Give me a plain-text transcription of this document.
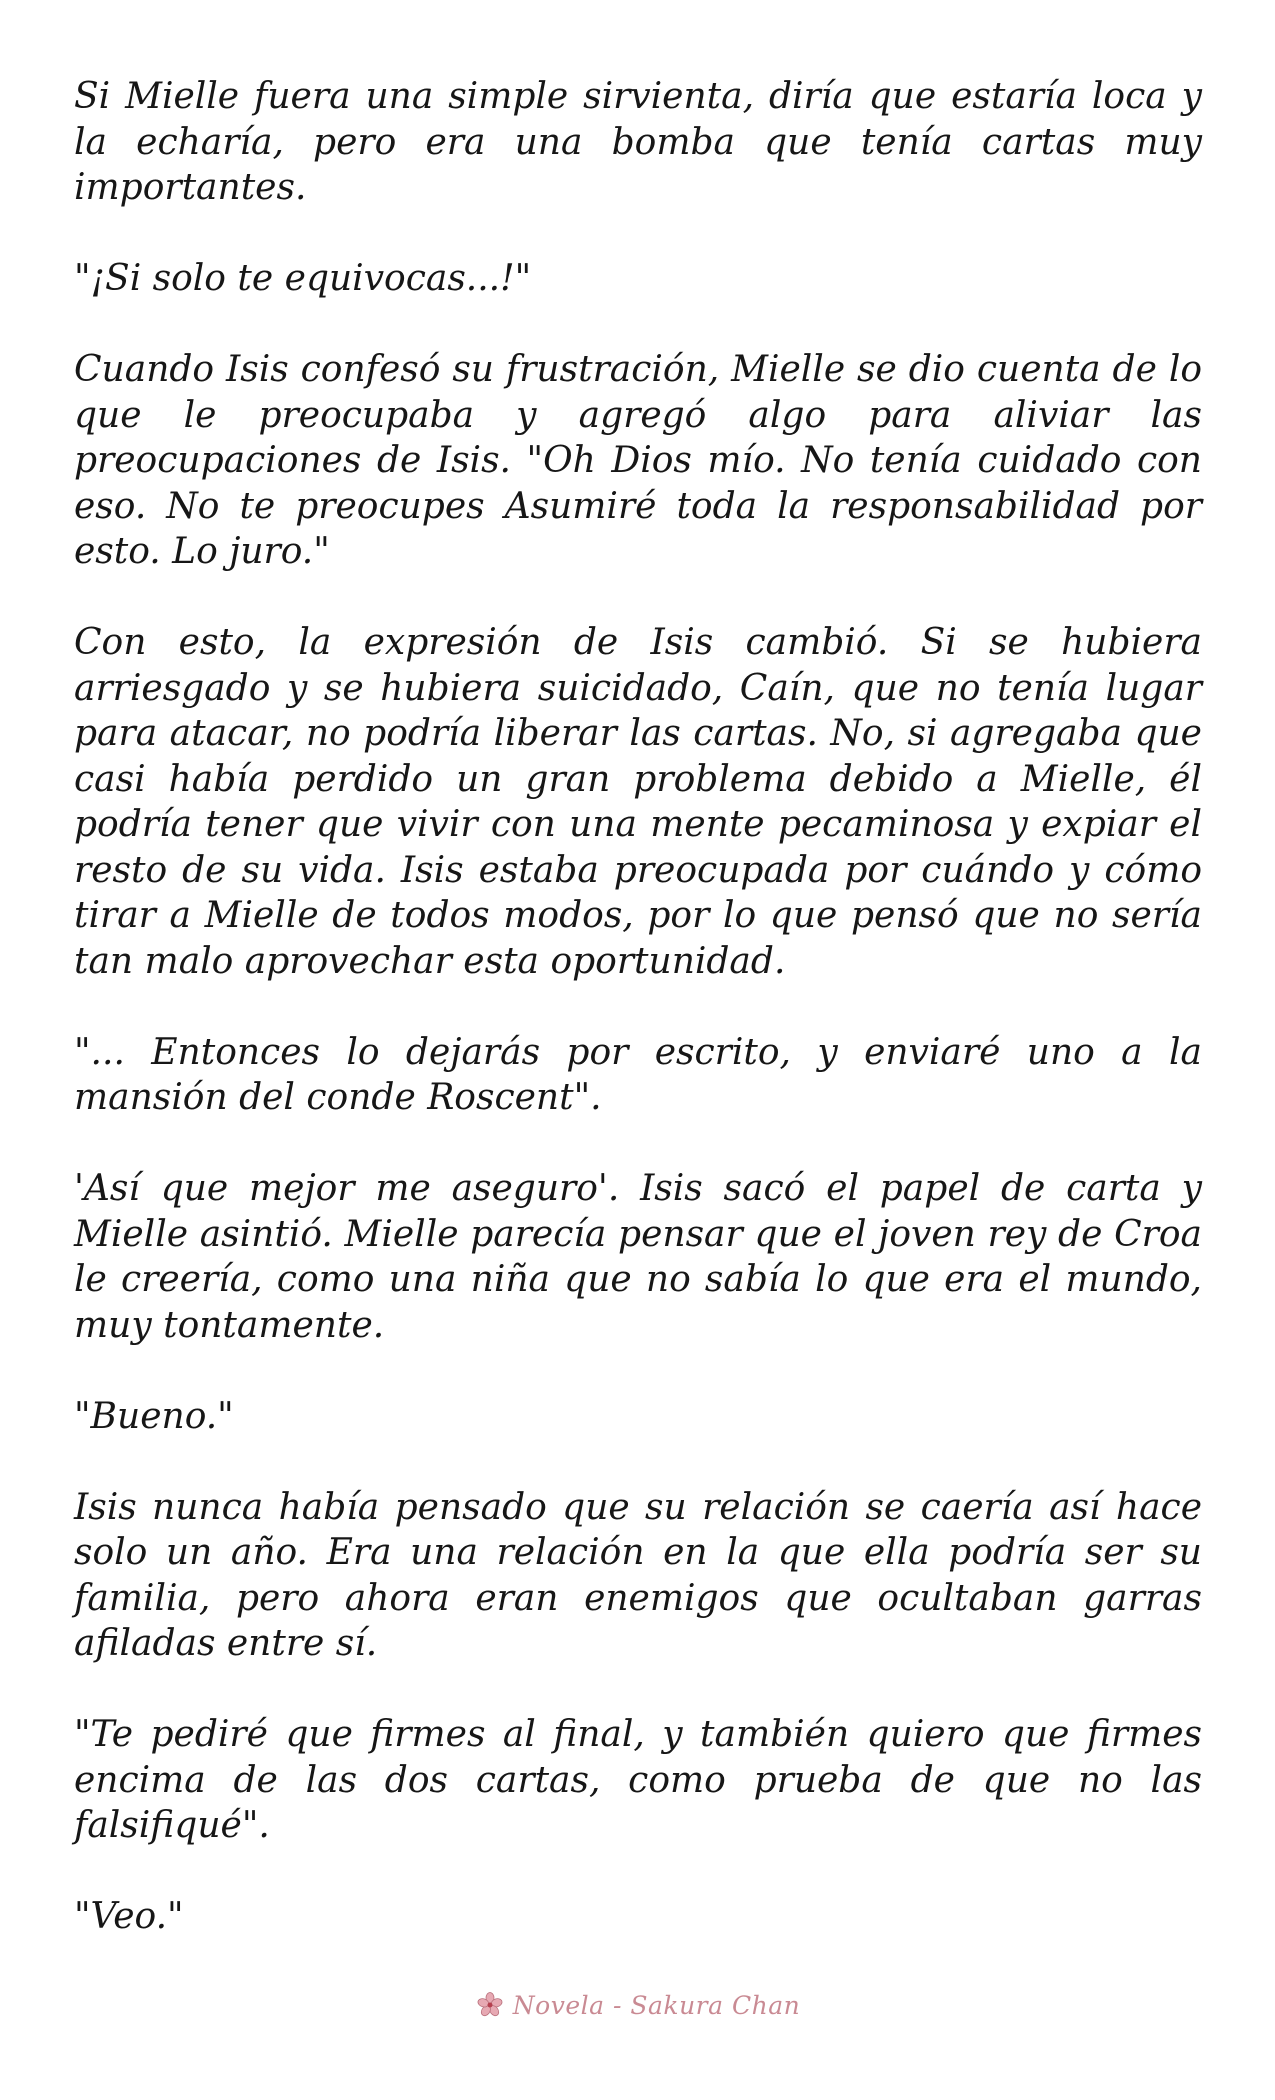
Si Mielle fuera una simple sirvienta, diría que estaría loca y la echaría, pero era una bomba que tenía cartas muy importantes.

"¡Si solo te equivocas...!"

Cuando Isis confesó su frustración, Mielle se dio cuenta de lo que le preocupaba y agregó algo para aliviar las preocupaciones de Isis. "Oh Dios mío. No tenía cuidado con eso. No te preocupes Asumiré toda la responsabilidad por esto. Lo juro."

Con esto, la expresión de Isis cambió. Si se hubiera arriesgado y se hubiera suicidado, Caín, que no tenía lugar para atacar, no podría liberar las cartas. No, si agregaba que casi había perdido un gran problema debido a Mielle, él podría tener que vivir con una mente pecaminosa y expiar el resto de su vida. Isis estaba preocupada por cuándo y cómo tirar a Mielle de todos modos, por lo que pensó que no sería tan malo aprovechar esta oportunidad.

"... Entonces lo dejarás por escrito, y enviaré uno a la mansión del conde Roscent".

'Así que mejor me aseguro'. Isis sacó el papel de carta y Mielle asintió. Mielle parecía pensar que el joven rey de Croa le creería, como una niña que no sabía lo que era el mundo, muy tontamente.

"Bueno."

Isis nunca había pensado que su relación se caería así hace solo un año. Era una relación en la que ella podría ser su familia, pero ahora eran enemigos que ocultaban garras afiladas entre sí.

"Te pediré que firmes al final, y también quiero que firmes encima de las dos cartas, como prueba de que no las falsifiqué".

"Veo."

Novela - Sakura Chan
